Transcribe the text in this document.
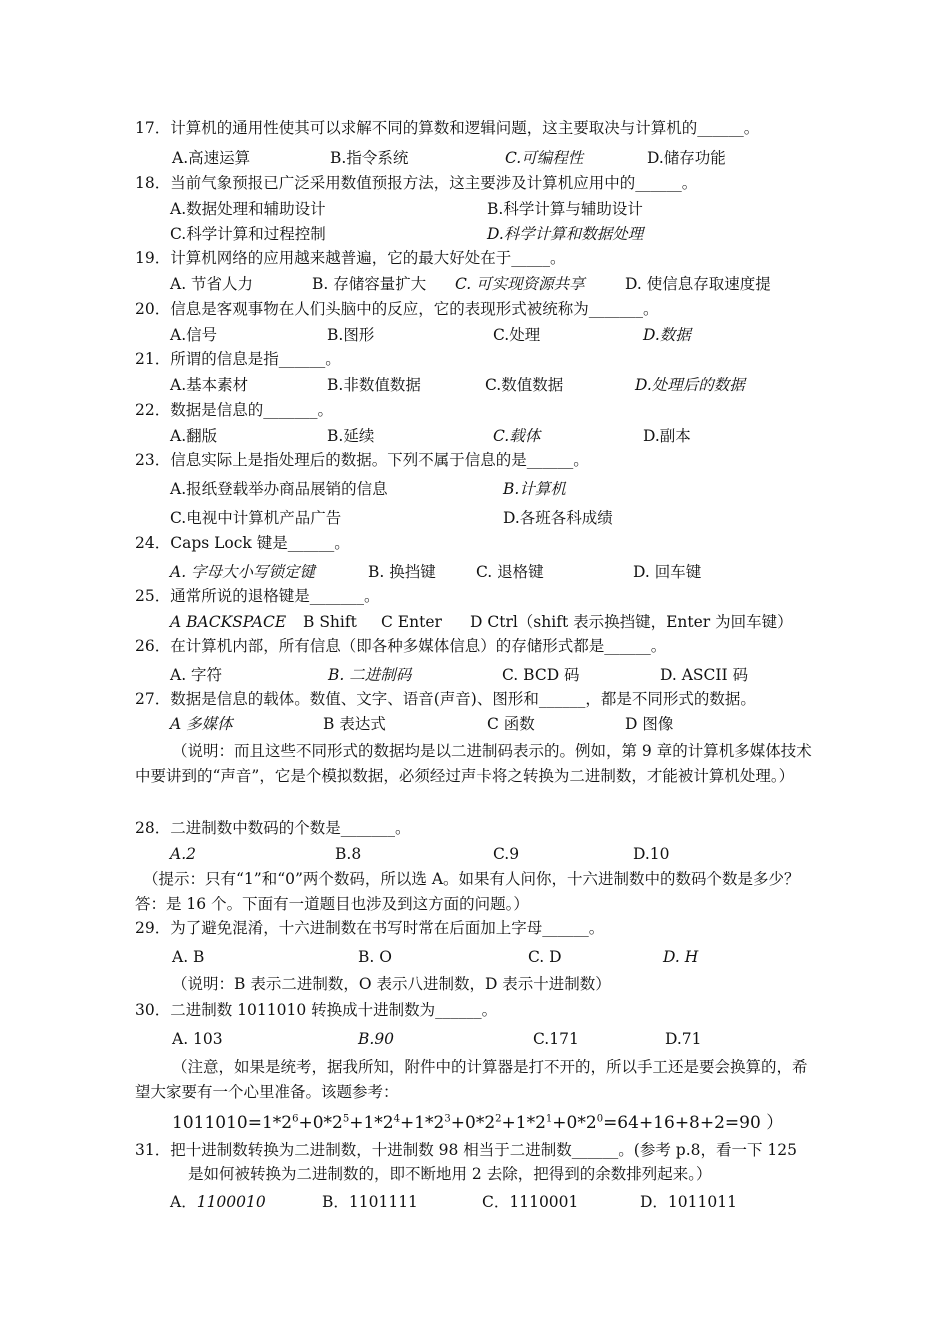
17．计算机的通用性使其可以求解不同的算数和逻辑问题，这主要取决与计算机的______。
A.高速运算	B.指令系统	C.可编程性	D.储存功能
18．当前气象预报已广泛采用数值预报方法，这主要涉及计算机应用中的______。
A.数据处理和辅助设计	B.科学计算与辅助设计
C.科学计算和过程控制	D.科学计算和数据处理
19．计算机网络的应用越来越普遍，它的最大好处在于_____。
A. 节省人力	B. 存储容量扩大 C. 可实现资源共享	D. 使信息存取速度提
20．信息是客观事物在人们头脑中的反应，它的表现形式被统称为_______。
A.信号	B.图形	C.处理	D.数据
21．所谓的信息是指______。
A.基本素材	B.非数值数据	C.数值数据	D.处理后的数据
22．数据是信息的_______。
A.翻版	B.延续	C.载体	D.副本
23．信息实际上是指处理后的数据。下列不属于信息的是______。
A.报纸登载举办商品展销的信息	B.计算机
C.电视中计算机产品广告	D.各班各科成绩
24．Caps Lock 键是______。
A. 字母大小写锁定键	B. 换挡键	C. 退格键	D. 回车键
25．通常所说的退格键是_______。
A BACKSPACE B Shift C Enter D Ctrl（shift 表示换挡键，Enter 为回车键）
26．在计算机内部，所有信息（即各种多媒体信息）的存储形式都是______。
A. 字符	B. 二进制码	C. BCD 码	D. ASCII 码
27．数据是信息的载体。数值、文字、语音(声音)、图形和______，都是不同形式的数据。
A 多媒体	B 表达式	C 函数	D 图像
（说明：而且这些不同形式的数据均是以二进制码表示的。例如，第 9 章的计算机多媒体技术中要讲到的“声音”，它是个模拟数据，必须经过声卡将之转换为二进制数，才能被计算机处理。）
28．二进制数中数码的个数是_______。
A.2	B.8	C.9	D.10
（提示：只有“1”和“0”两个数码，所以选 A。如果有人问你，十六进制数中的数码个数是多少？答：是 16 个。下面有一道题目也涉及到这方面的问题。）
29．为了避免混淆，十六进制数在书写时常在后面加上字母______。
A. B	B. O	C. D	D. H
（说明：B 表示二进制数，O 表示八进制数，D 表示十进制数）
30．二进制数 1011010 转换成十进制数为______。
A. 103	B.90	C.171	D.71
（注意，如果是统考，据我所知，附件中的计算器是打不开的，所以手工还是要会换算的，希望大家要有一个心里准备。该题参考：
$1011010=1*2^6+0*2^5+1*2^4+1*2^3+0*2^2+1*2^1+0*2^0=64+16+8+2=90$ ）
31．把十进制数转换为二进制数，十进制数 98 相当于二进制数______。(参考 p.8，看一下 125
是如何被转换为二进制数的，即不断地用 2 去除，把得到的余数排列起来。）
A．1100010	B．1101111	C．1110001	D．1011011
